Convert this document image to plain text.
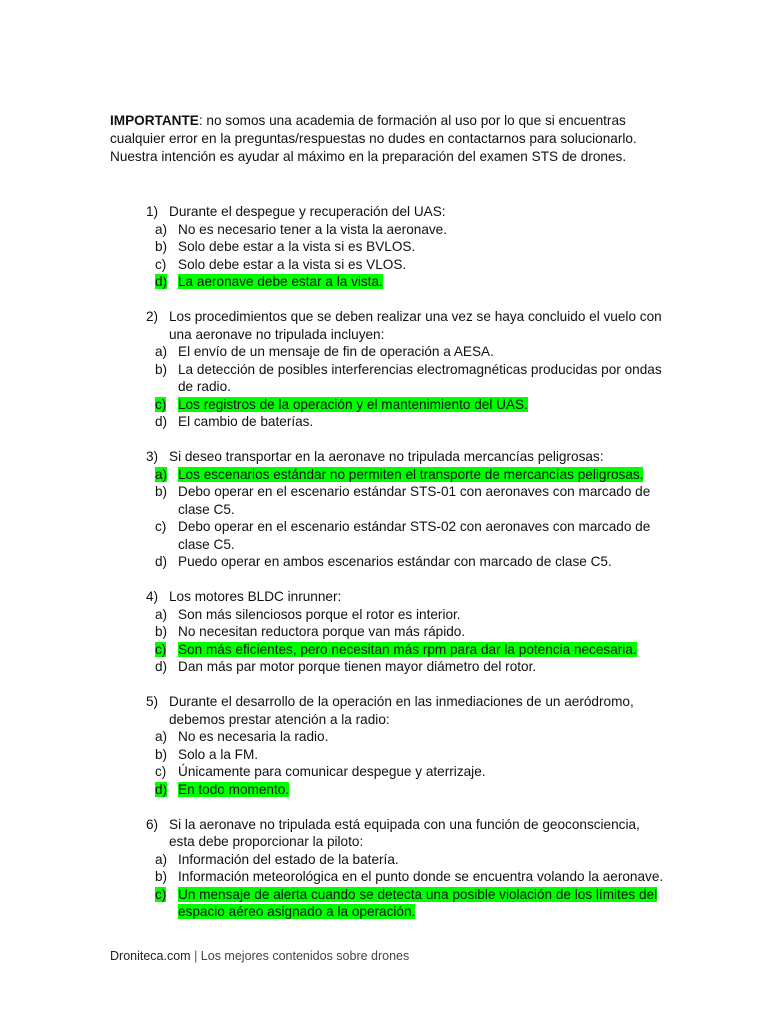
IMPORTANTE: no somos una academia de formación al uso por lo que si encuentras cualquier error en la preguntas/respuestas no dudes en contactarnos para solucionarlo. Nuestra intención es ayudar al máximo en la preparación del examen STS de drones.
1) Durante el despegue y recuperación del UAS:
a) No es necesario tener a la vista la aeronave.
b) Solo debe estar a la vista si es BVLOS.
c) Solo debe estar a la vista si es VLOS.
d) La aeronave debe estar a la vista.
2) Los procedimientos que se deben realizar una vez se haya concluido el vuelo con una aeronave no tripulada incluyen:
a) El envío de un mensaje de fin de operación a AESA.
b) La detección de posibles interferencias electromagnéticas producidas por ondas de radio.
c) Los registros de la operación y el mantenimiento del UAS.
d) El cambio de baterías.
3) Si deseo transportar en la aeronave no tripulada mercancías peligrosas:
a) Los escenarios estándar no permiten el transporte de mercancías peligrosas.
b) Debo operar en el escenario estándar STS-01 con aeronaves con marcado de clase C5.
c) Debo operar en el escenario estándar STS-02 con aeronaves con marcado de clase C5.
d) Puedo operar en ambos escenarios estándar con marcado de clase C5.
4) Los motores BLDC inrunner:
a) Son más silenciosos porque el rotor es interior.
b) No necesitan reductora porque van más rápido.
c) Son más eficientes, pero necesitan más rpm para dar la potencia necesaria.
d) Dan más par motor porque tienen mayor diámetro del rotor.
5) Durante el desarrollo de la operación en las inmediaciones de un aeródromo, debemos prestar atención a la radio:
a) No es necesaria la radio.
b) Solo a la FM.
c) Únicamente para comunicar despegue y aterrizaje.
d) En todo momento.
6) Si la aeronave no tripulada está equipada con una función de geoconsciencia, esta debe proporcionar la piloto:
a) Información del estado de la batería.
b) Información meteorológica en el punto donde se encuentra volando la aeronave.
c) Un mensaje de alerta cuando se detecta una posible violación de los límites del espacio aéreo asignado a la operación.
Droniteca.com | Los mejores contenidos sobre drones
